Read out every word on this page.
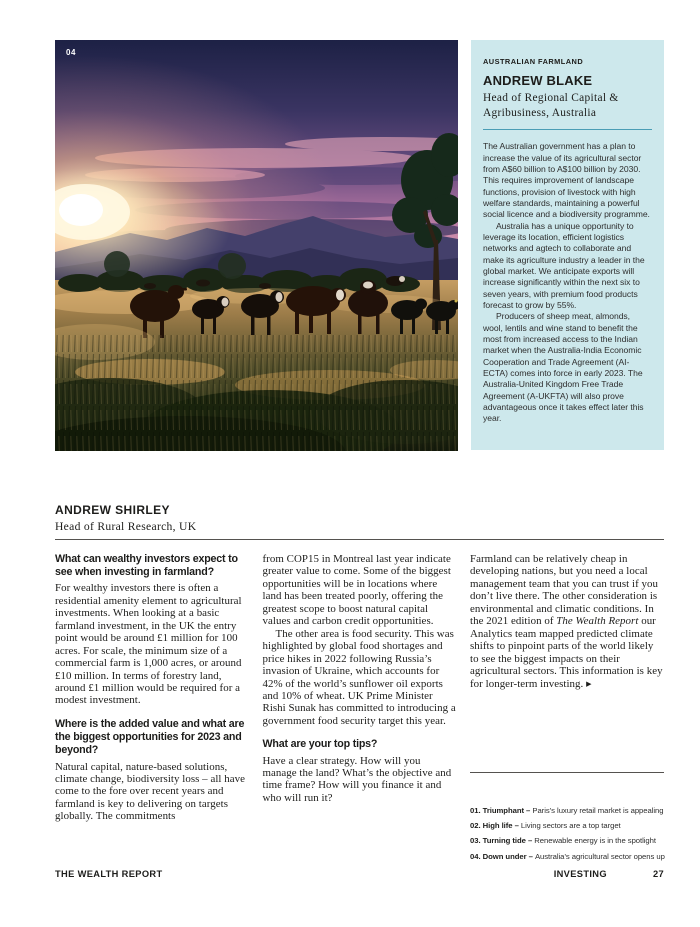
04
AUSTRALIAN FARMLAND
ANDREW BLAKE
Head of Regional Capital & Agribusiness, Australia

The Australian government has a plan to increase the value of its agricultural sector from A$60 billion to A$100 billion by 2030. This requires improvement of landscape functions, provision of livestock with high welfare standards, maintaining a powerful social licence and a biodiversity programme.

Australia has a unique opportunity to leverage its location, efficient logistics networks and agtech to collaborate and make its agriculture industry a leader in the global market. We anticipate exports will increase significantly within the next six to seven years, with premium food products forecast to grow by 55%.

Producers of sheep meat, almonds, wool, lentils and wine stand to benefit the most from increased access to the Indian market when the Australia-India Economic Cooperation and Trade Agreement (AI-ECTA) comes into force in early 2023. The Australia-United Kingdom Free Trade Agreement (A-UKFTA) will also prove advantageous once it takes effect later this year.

ANDREW SHIRLEY
Head of Rural Research, UK
What can wealthy investors expect to see when investing in farmland?

For wealthy investors there is often a residential amenity element to agricultural investments. When looking at a basic farmland investment, in the UK the entry point would be around £1 million for 100 acres. For scale, the minimum size of a commercial farm is 1,000 acres, or around £10 million. In terms of forestry land, around £1 million would be required for a modest investment.

Where is the added value and what are the biggest opportunities for 2023 and beyond?

Natural capital, nature-based solutions, climate change, biodiversity loss – all have come to the fore over recent years and farmland is key to delivering on targets globally. The commitments

from COP15 in Montreal last year indicate greater value to come. Some of the biggest opportunities will be in locations where land has been treated poorly, offering the greatest scope to boost natural capital values and carbon credit opportunities.

The other area is food security. This was highlighted by global food shortages and price hikes in 2022 following Russia’s invasion of Ukraine, which accounts for 42% of the world’s sunflower oil exports and 10% of wheat. UK Prime Minister Rishi Sunak has committed to introducing a government food security target this year.

What are your top tips?

Have a clear strategy. How will you manage the land? What’s the objective and time frame? How will you finance it and who will run it?

Farmland can be relatively cheap in developing nations, but you need a local management team that you can trust if you don’t live there. The other consideration is environmental and climatic conditions. In the 2021 edition of The Wealth Report our Analytics team mapped predicted climate shifts to pinpoint parts of the world likely to see the biggest impacts on their agricultural sectors. This information is key for longer-term investing. ▶

01. Triumphant – Paris’s luxury retail market is appealing
02. High life – Living sectors are a top target
03. Turning tide – Renewable energy is in the spotlight
04. Down under – Australia’s agricultural sector opens up
THE WEALTH REPORT	INVESTING	27
